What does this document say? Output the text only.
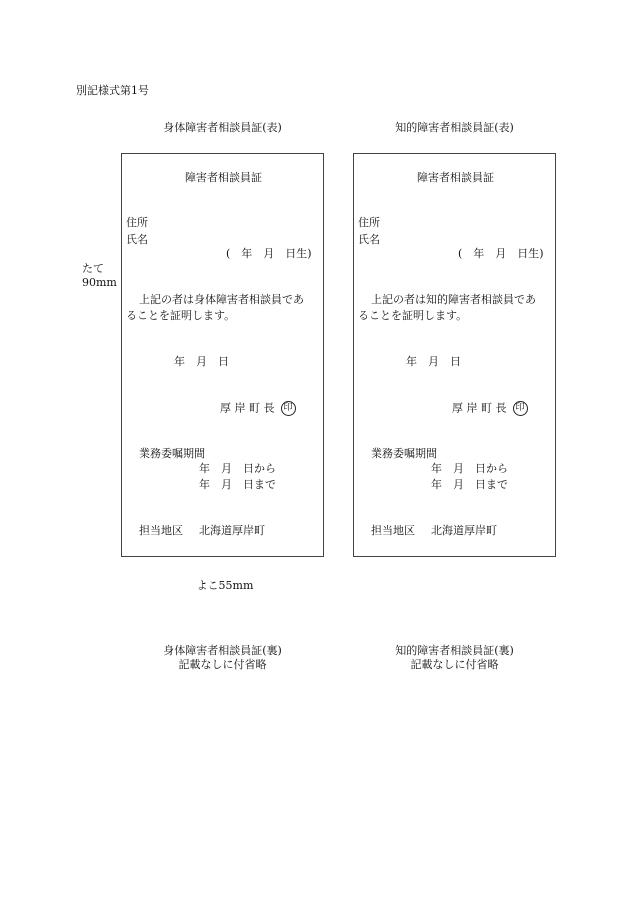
別記様式第1号
身体障害者相談員証(表)	知的障害者相談員証(表)
たて
90mm
障害者相談員証
住所
氏名
(　年　月　日生)
上記の者は身体障害者相談員であ
ることを証明します。
年　月　日
厚 岸 町 長 印
業務委嘱期間
年　月　日から
年　月　日まで
担当地区 北海道厚岸町
障害者相談員証
住所
氏名
(　年　月　日生)
上記の者は知的障害者相談員であ
ることを証明します。
年　月　日
厚 岸 町 長 印
業務委嘱期間
年　月　日から
年　月　日まで
担当地区 北海道厚岸町
よこ55mm
身体障害者相談員証(裏)
記載なしに付省略
知的障害者相談員証(裏)
記載なしに付省略
